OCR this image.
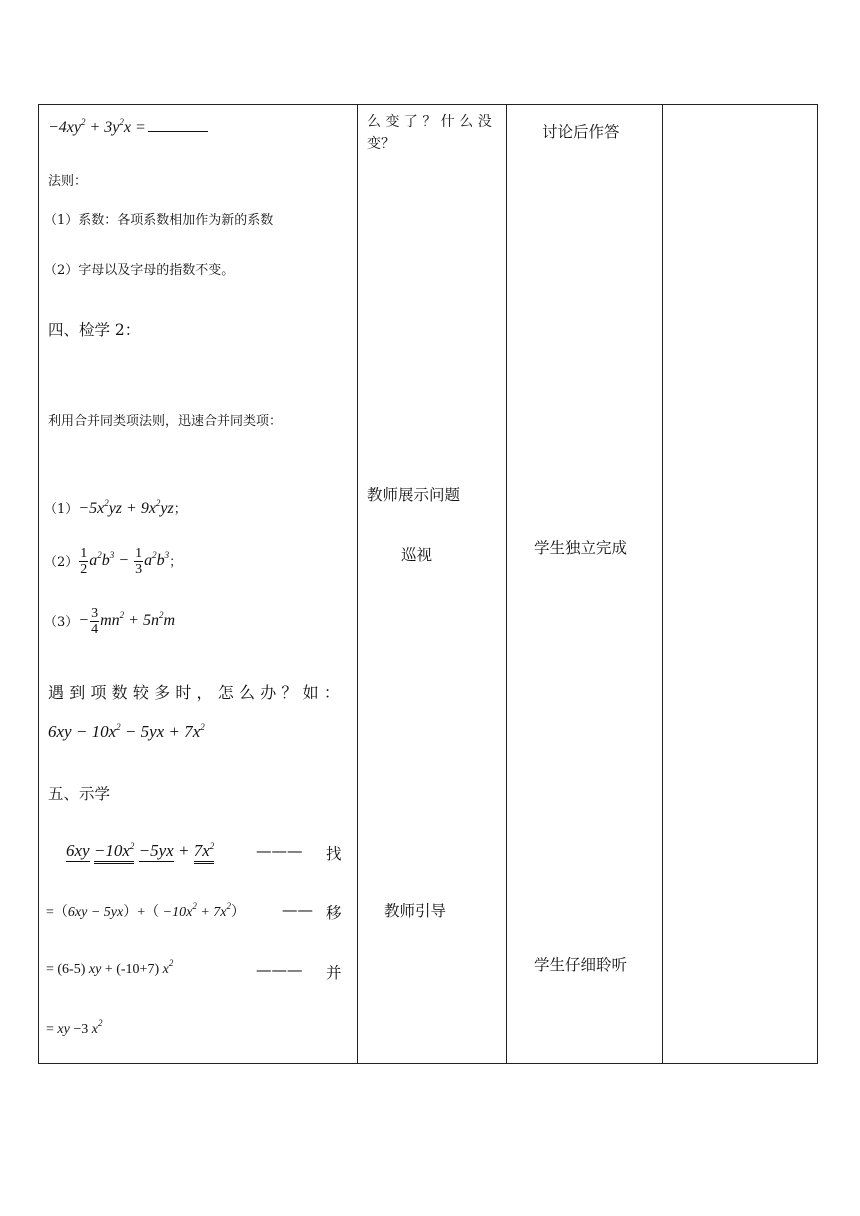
$-4xy^2 + 3y^2x$ =
法则：
（1）系数：各项系数相加作为新的系数
（2）字母以及字母的指数不变。
四、检学 2：
利用合并同类项法则，迅速合并同类项：
$(1)-5x^2yz + 9x^2yz$；
$(2) \frac{1}{2} a^2b^3 - \frac{1}{3} a^2b^3$；
$(3)- \frac{3}{4} mn^2 + 5n^2m$
遇 到 项 数 较 多 时 ， 怎 么 办 ？ 如 ：
$6xy - 10x^2 - 5yx + 7x^2$
五、示学
$6xy -10x^2 -5yx + 7x^2$	——— 找
$=(6xy - 5yx)+( -10x^2 + 7x^2)$ —— 移
= (6-5) xy + (-10+7) $x^2$	——— 并
= xy −3 $x^2$
么 变 了 ？ 什 么 没
变？
教师展示问题
巡视
教师引导
讨论后作答
学生独立完成
学生仔细聆听
